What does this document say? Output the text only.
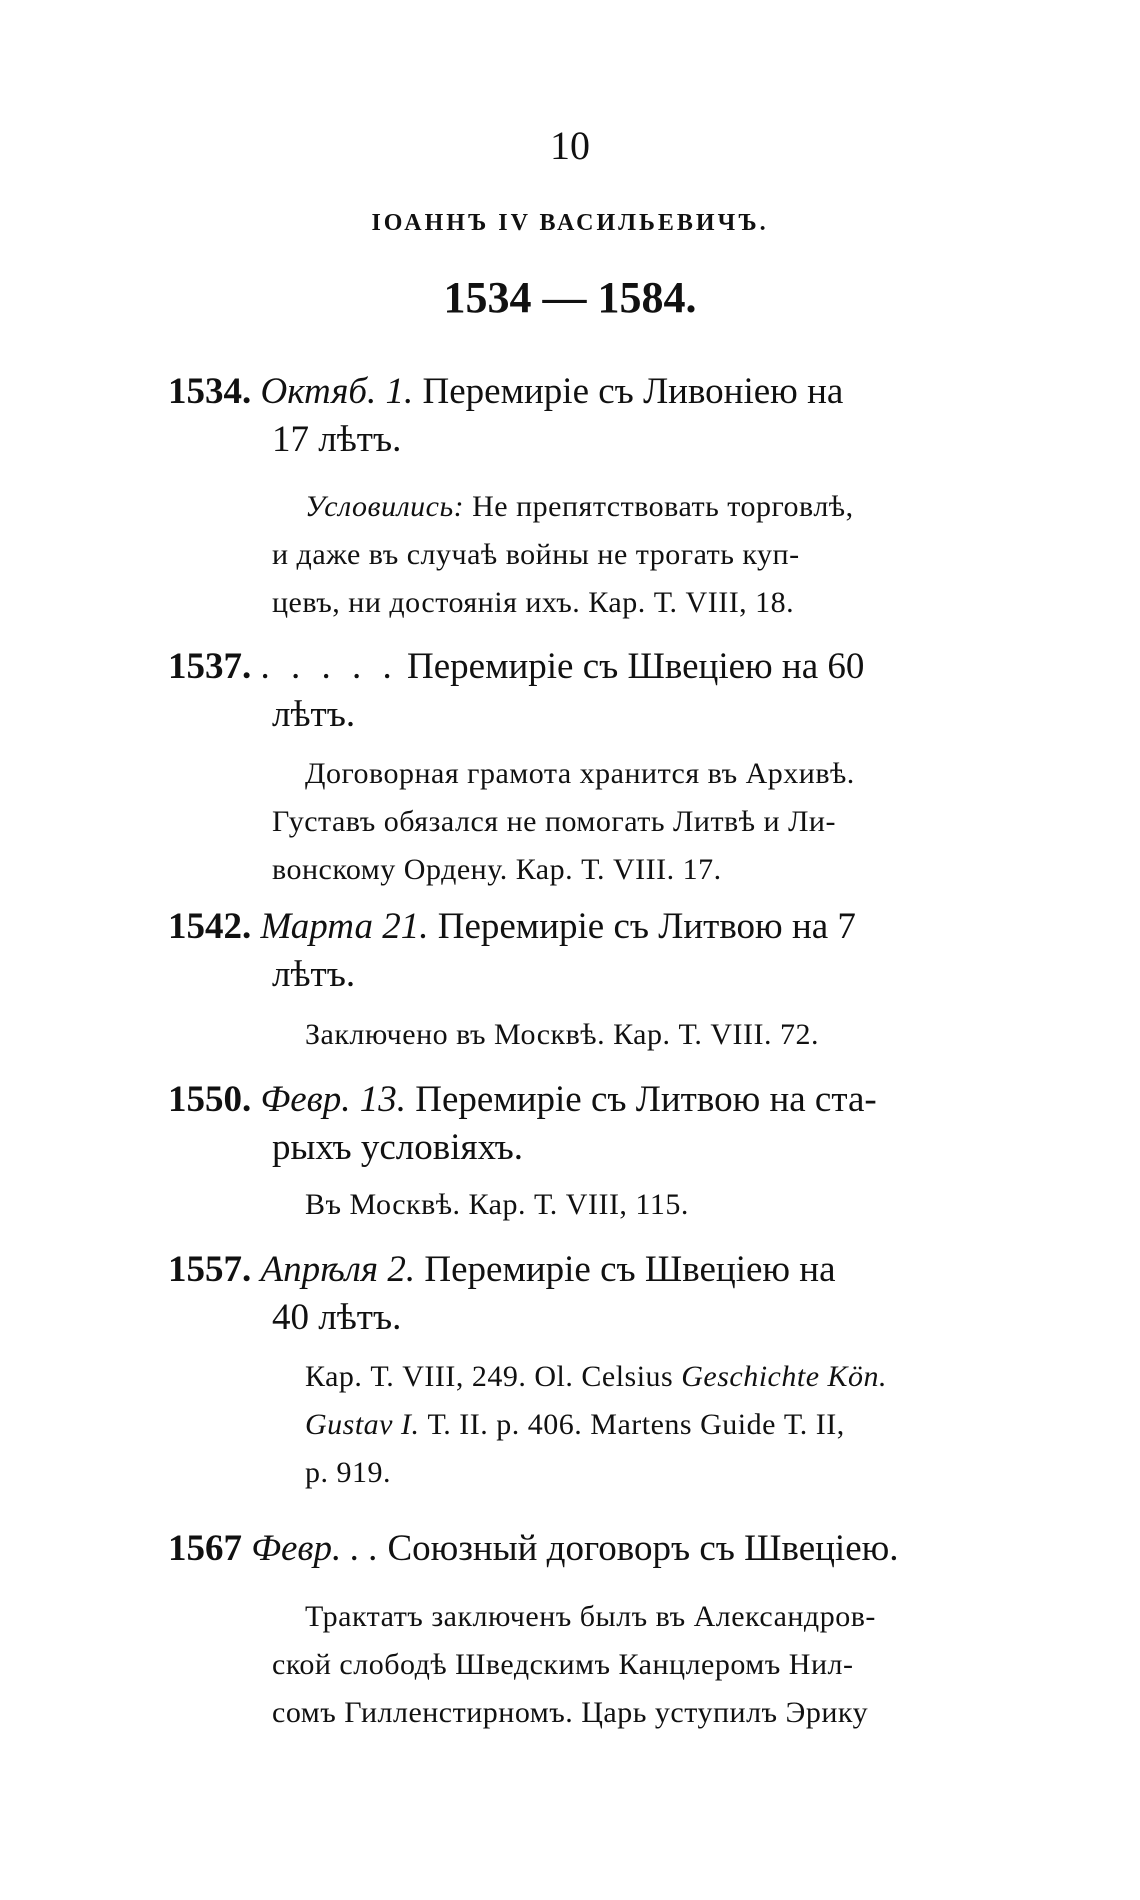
10
ІОАННЪ IV ВАСИЛЬЕВИЧЪ.
1534 — 1584.
1534. Октяб. 1. Перемиріе съ Ливоніею на
17 лѣтъ.
Условились: Не препятствовать торговлѣ,
и даже въ случаѣ войны не трогать куп-
цевъ, ни достоянія ихъ. Кар. Т. VIII, 18.
1537. . . . . . Перемиріе съ Швеціею на 60
лѣтъ.
Договорная грамота хранится въ Архивѣ.
Густавъ обязался не помогать Литвѣ и Ли-
вонскому Ордену. Кар. Т. VIII. 17.
1542. Марта 21. Перемиріе съ Литвою на 7
лѣтъ.
Заключено въ Москвѣ. Кар. Т. VIII. 72.
1550. Февр. 13. Перемиріе съ Литвою на ста-
рыхъ условіяхъ.
Въ Москвѣ. Кар. Т. VIII, 115.
1557. Апрѣля 2. Перемиріе съ Швеціею на
40 лѣтъ.
Кар. Т. VIII, 249. Ol. Celsius Geschichte Kön.
Gustav I. Т. II. р. 406. Martens Guide Т. II,
р. 919.
1567 Февр. . . Союзный договоръ съ Швеціею.
Трактатъ заключенъ былъ въ Александров-
ской слободѣ Шведскимъ Канцлеромъ Нил-
сомъ Гилленстирномъ. Царь уступилъ Эрику
